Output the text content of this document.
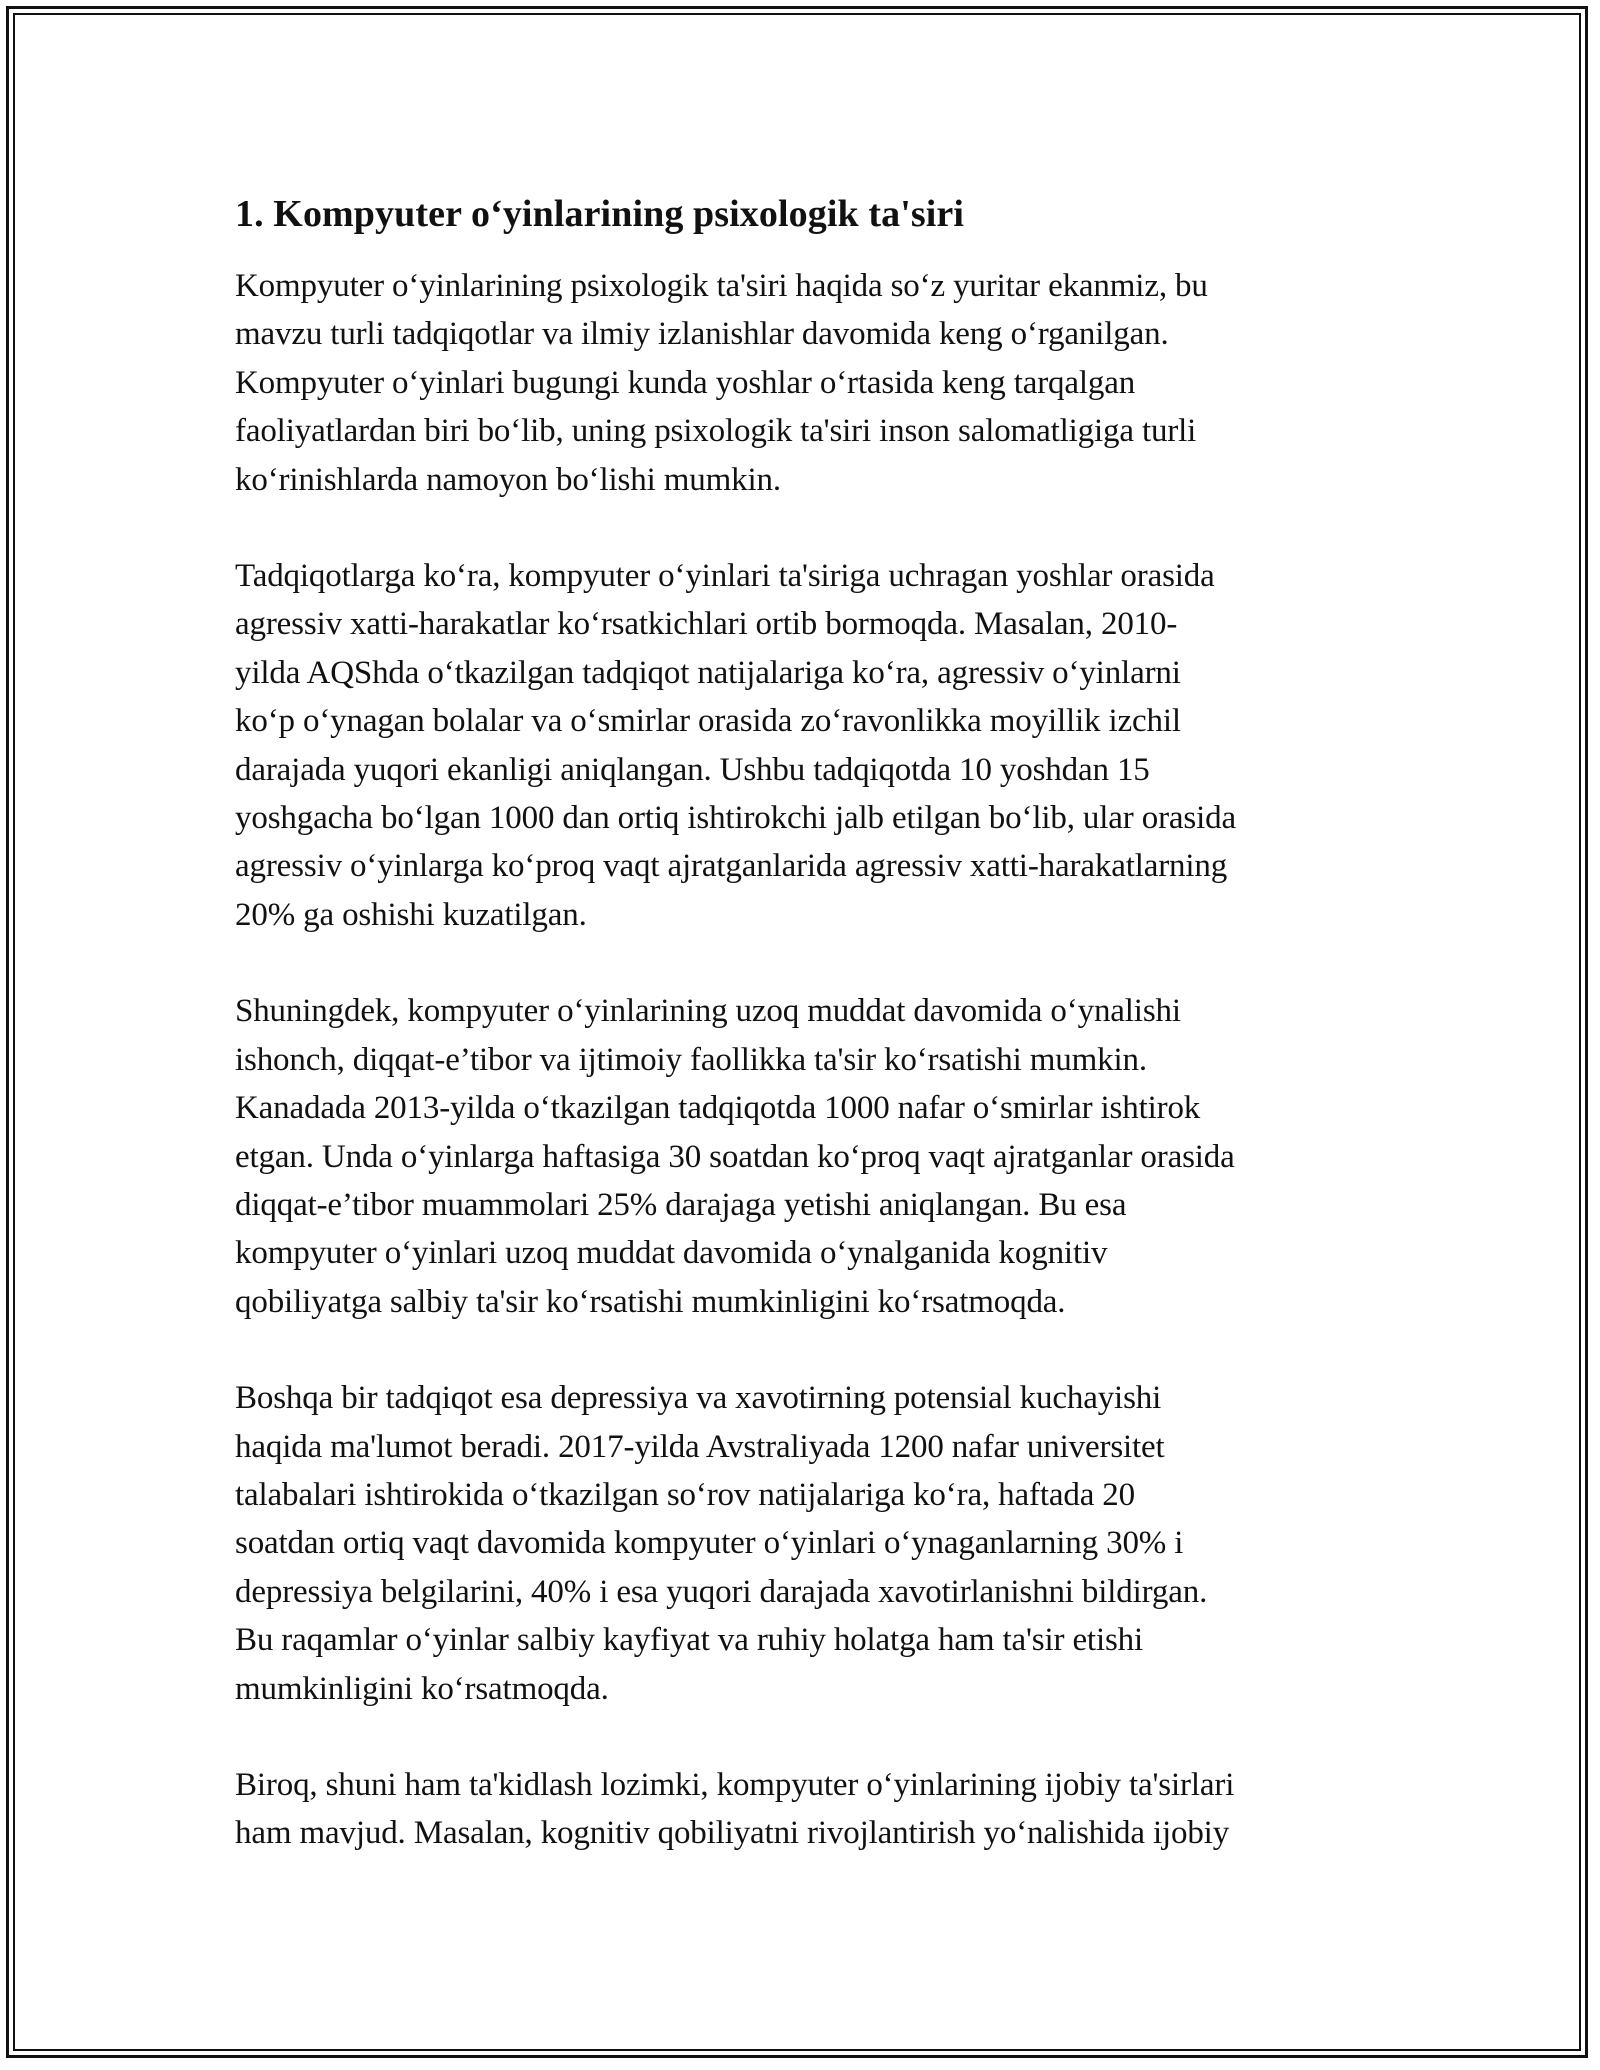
1. Kompyuter o‘yinlarining psixologik ta'siri

Kompyuter o‘yinlarining psixologik ta'siri haqida so‘z yuritar ekanmiz, bu
mavzu turli tadqiqotlar va ilmiy izlanishlar davomida keng o‘rganilgan.
Kompyuter o‘yinlari bugungi kunda yoshlar o‘rtasida keng tarqalgan
faoliyatlardan biri bo‘lib, uning psixologik ta'siri inson salomatligiga turli
ko‘rinishlarda namoyon bo‘lishi mumkin.

Tadqiqotlarga ko‘ra, kompyuter o‘yinlari ta'siriga uchragan yoshlar orasida
agressiv xatti-harakatlar ko‘rsatkichlari ortib bormoqda. Masalan, 2010-
yilda AQShda o‘tkazilgan tadqiqot natijalariga ko‘ra, agressiv o‘yinlarni
ko‘p o‘ynagan bolalar va o‘smirlar orasida zo‘ravonlikka moyillik izchil
darajada yuqori ekanligi aniqlangan. Ushbu tadqiqotda 10 yoshdan 15
yoshgacha bo‘lgan 1000 dan ortiq ishtirokchi jalb etilgan bo‘lib, ular orasida
agressiv o‘yinlarga ko‘proq vaqt ajratganlarida agressiv xatti-harakatlarning
20% ga oshishi kuzatilgan.

Shuningdek, kompyuter o‘yinlarining uzoq muddat davomida o‘ynalishi
ishonch, diqqat-e’tibor va ijtimoiy faollikka ta'sir ko‘rsatishi mumkin.
Kanadada 2013-yilda o‘tkazilgan tadqiqotda 1000 nafar o‘smirlar ishtirok
etgan. Unda o‘yinlarga haftasiga 30 soatdan ko‘proq vaqt ajratganlar orasida
diqqat-e’tibor muammolari 25% darajaga yetishi aniqlangan. Bu esa
kompyuter o‘yinlari uzoq muddat davomida o‘ynalganida kognitiv
qobiliyatga salbiy ta'sir ko‘rsatishi mumkinligini ko‘rsatmoqda.

Boshqa bir tadqiqot esa depressiya va xavotirning potensial kuchayishi
haqida ma'lumot beradi. 2017-yilda Avstraliyada 1200 nafar universitet
talabalari ishtirokida o‘tkazilgan so‘rov natijalariga ko‘ra, haftada 20
soatdan ortiq vaqt davomida kompyuter o‘yinlari o‘ynaganlarning 30% i
depressiya belgilarini, 40% i esa yuqori darajada xavotirlanishni bildirgan.
Bu raqamlar o‘yinlar salbiy kayfiyat va ruhiy holatga ham ta'sir etishi
mumkinligini ko‘rsatmoqda.

Biroq, shuni ham ta'kidlash lozimki, kompyuter o‘yinlarining ijobiy ta'sirlari
ham mavjud. Masalan, kognitiv qobiliyatni rivojlantirish yo‘nalishida ijobiy
